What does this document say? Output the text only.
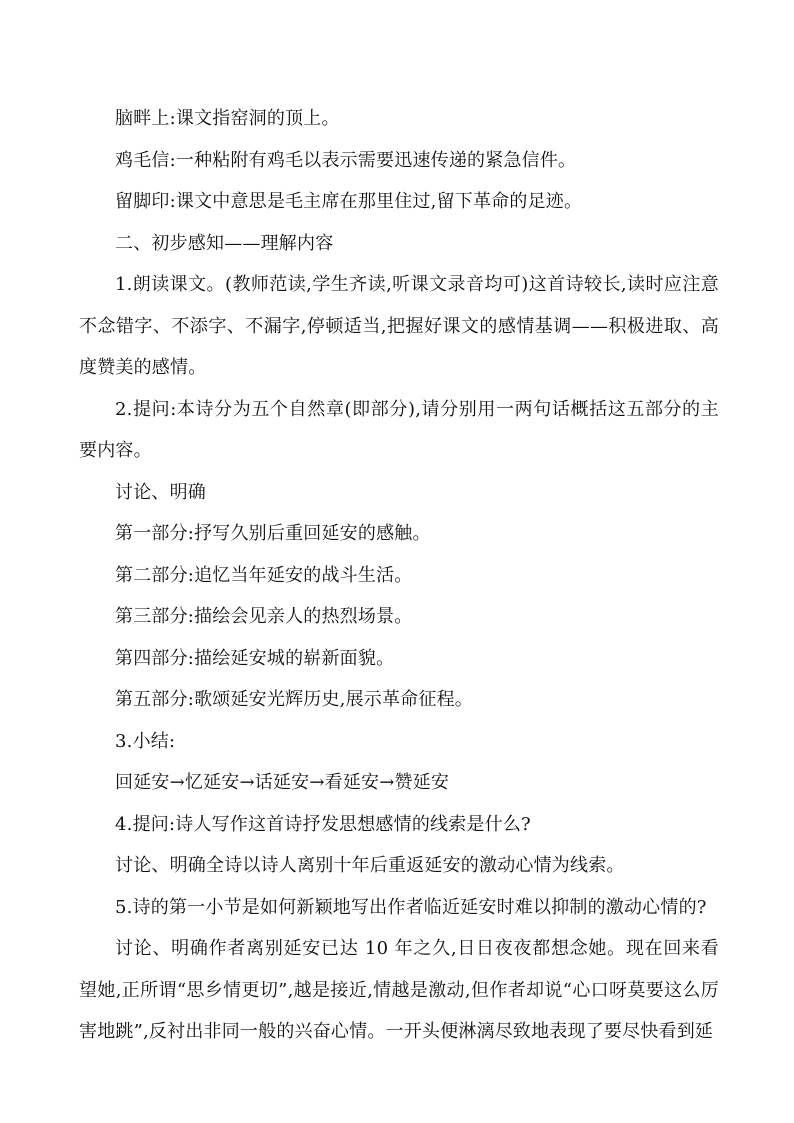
脑畔上:课文指窑洞的顶上。

鸡毛信:一种粘附有鸡毛以表示需要迅速传递的紧急信件。

留脚印:课文中意思是毛主席在那里住过,留下革命的足迹。

二、初步感知——理解内容

1.朗读课文。(教师范读,学生齐读,听课文录音均可)这首诗较长,读时应注意不念错字、不添字、不漏字,停顿适当,把握好课文的感情基调——积极进取、高度赞美的感情。

2.提问:本诗分为五个自然章(即部分),请分别用一两句话概括这五部分的主要内容。

讨论、明确

第一部分:抒写久别后重回延安的感触。

第二部分:追忆当年延安的战斗生活。

第三部分:描绘会见亲人的热烈场景。

第四部分:描绘延安城的崭新面貌。

第五部分:歌颂延安光辉历史,展示革命征程。

3.小结:

回延安→忆延安→话延安→看延安→赞延安

4.提问:诗人写作这首诗抒发思想感情的线索是什么?

讨论、明确全诗以诗人离别十年后重返延安的激动心情为线索。

5.诗的第一小节是如何新颖地写出作者临近延安时难以抑制的激动心情的?

讨论、明确作者离别延安已达 10 年之久,日日夜夜都想念她。现在回来看望她,正所谓“思乡情更切”,越是接近,情越是激动,但作者却说“心口呀莫要这么厉害地跳”,反衬出非同一般的兴奋心情。一开头便淋漓尽致地表现了要尽快看到延
